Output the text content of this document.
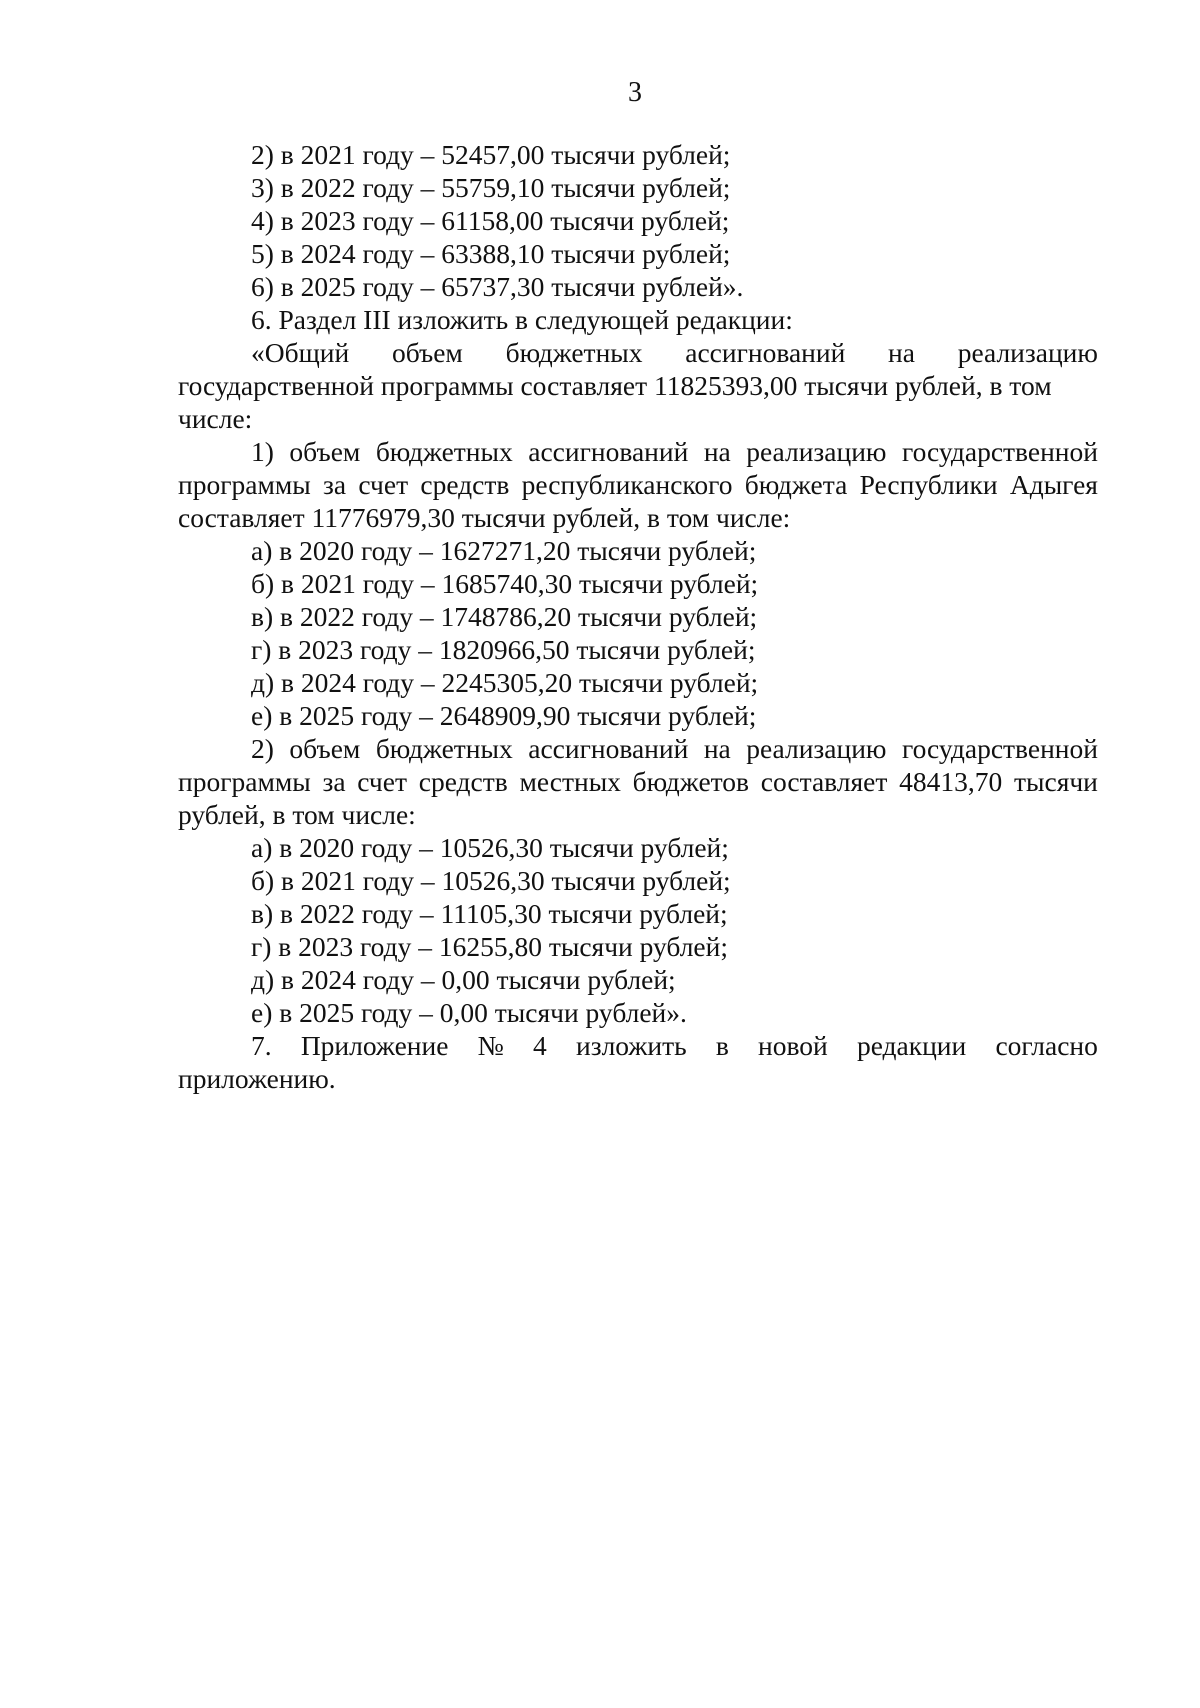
3
2) в 2021 году – 52457,00 тысячи рублей;
3) в 2022 году – 55759,10 тысячи рублей;
4) в 2023 году – 61158,00 тысячи рублей;
5) в 2024 году – 63388,10 тысячи рублей;
6) в 2025 году – 65737,30 тысячи рублей».
6. Раздел III изложить в следующей редакции:
«Общий объем бюджетных ассигнований на реализацию
государственной программы составляет 11825393,00 тысячи рублей, в том
числе:
1) объем бюджетных ассигнований на реализацию государственной
программы за счет средств республиканского бюджета Республики Адыгея
составляет 11776979,30 тысячи рублей, в том числе:
а) в 2020 году – 1627271,20 тысячи рублей;
б) в 2021 году – 1685740,30 тысячи рублей;
в) в 2022 году – 1748786,20 тысячи рублей;
г) в 2023 году – 1820966,50 тысячи рублей;
д) в 2024 году – 2245305,20 тысячи рублей;
е) в 2025 году – 2648909,90 тысячи рублей;
2) объем бюджетных ассигнований на реализацию государственной
программы за счет средств местных бюджетов составляет 48413,70 тысячи
рублей, в том числе:
а) в 2020 году – 10526,30 тысячи рублей;
б) в 2021 году – 10526,30 тысячи рублей;
в) в 2022 году – 11105,30 тысячи рублей;
г) в 2023 году – 16255,80 тысячи рублей;
д) в 2024 году – 0,00 тысячи рублей;
е) в 2025 году – 0,00 тысячи рублей».
7. Приложение № 4 изложить в новой редакции согласно
приложению.
